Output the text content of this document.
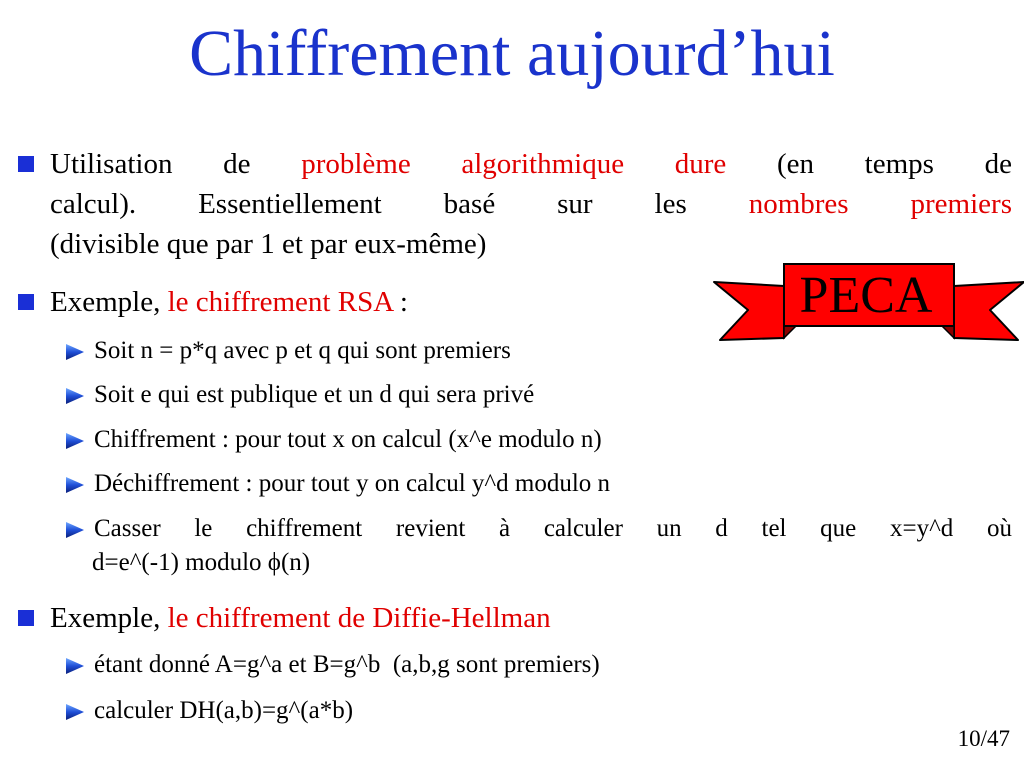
Chiffrement aujourd’hui
Utilisation de problème algorithmique dure (en temps de
calcul). Essentiellement basé sur les nombres premiers
(divisible que par 1 et par eux-même)
Exemple, le chiffrement RSA :
Soit n = p*q avec p et q qui sont premiers
Soit e qui est publique et un d qui sera privé
Chiffrement : pour tout x on calcul (x^e modulo n)
Déchiffrement : pour tout y on calcul y^d modulo n
Casser le chiffrement revient à calculer un d tel que x=y^d où
d=e^(-1) modulo ϕ(n)
Exemple, le chiffrement de Diffie-Hellman
étant donné A=g^a et B=g^b  (a,b,g sont premiers)
calculer DH(a,b)=g^(a*b)
PECA
10/47
